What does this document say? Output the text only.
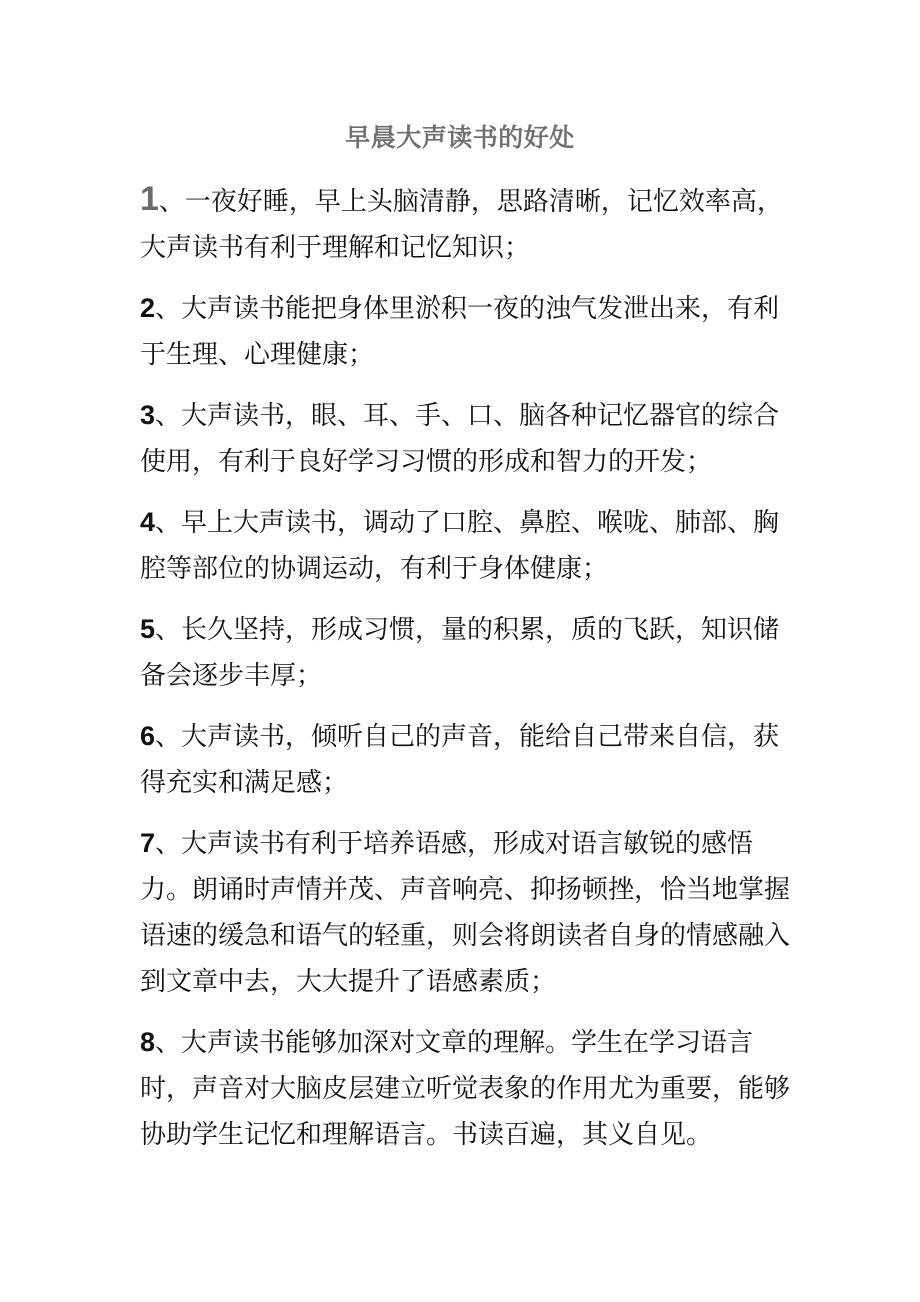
早晨大声读书的好处
1、一夜好睡，早上头脑清静，思路清晰，记忆效率高，大声读书有利于理解和记忆知识；
2、大声读书能把身体里淤积一夜的浊气发泄出来，有利于生理、心理健康；
3、大声读书，眼、耳、手、口、脑各种记忆器官的综合使用，有利于良好学习习惯的形成和智力的开发；
4、早上大声读书，调动了口腔、鼻腔、喉咙、肺部、胸腔等部位的协调运动，有利于身体健康；
5、长久坚持，形成习惯，量的积累，质的飞跃，知识储备会逐步丰厚；
6、大声读书，倾听自己的声音，能给自己带来自信，获得充实和满足感；
7、大声读书有利于培养语感，形成对语言敏锐的感悟力。朗诵时声情并茂、声音响亮、抑扬顿挫，恰当地掌握语速的缓急和语气的轻重，则会将朗读者自身的情感融入到文章中去，大大提升了语感素质；
8、大声读书能够加深对文章的理解。学生在学习语言时，声音对大脑皮层建立听觉表象的作用尤为重要，能够协助学生记忆和理解语言。书读百遍，其义自见。
